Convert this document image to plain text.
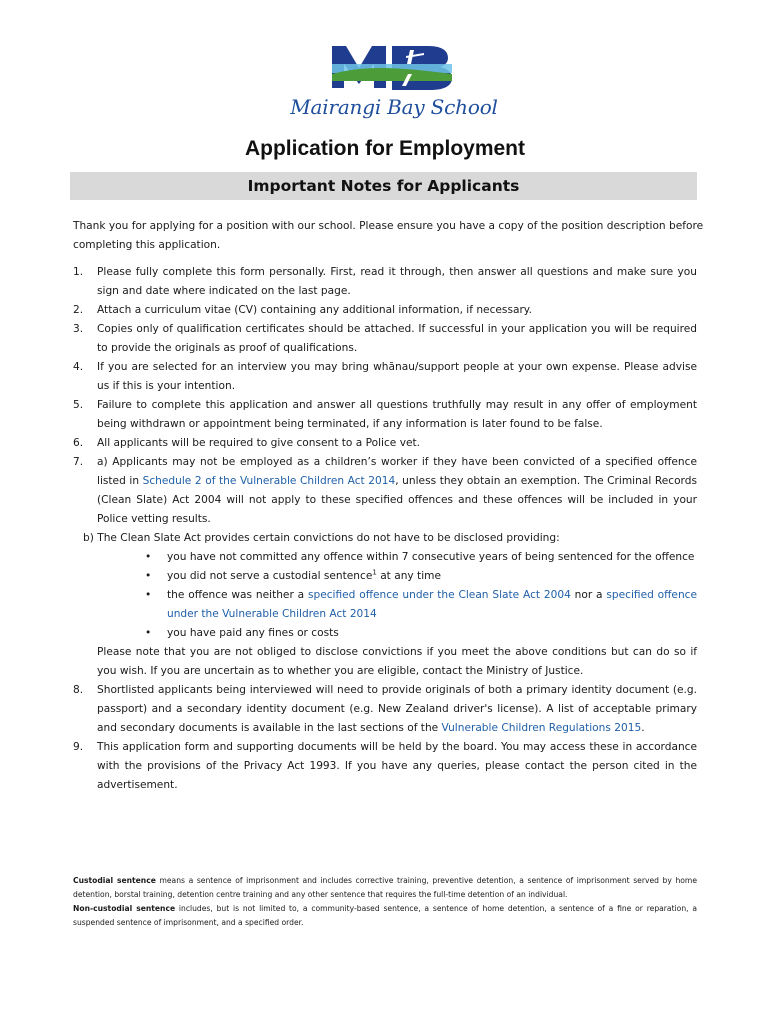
Mairangi Bay School
Application for Employment
Important Notes for Applicants
Thank you for applying for a position with our school. Please ensure you have a copy of the position description before completing this application.
1. Please fully complete this form personally. First, read it through, then answer all questions and make sure you sign and date where indicated on the last page.
2. Attach a curriculum vitae (CV) containing any additional information, if necessary.
3. Copies only of qualification certificates should be attached. If successful in your application you will be required to provide the originals as proof of qualifications.
4. If you are selected for an interview you may bring whānau/support people at your own expense. Please advise us if this is your intention.
5. Failure to complete this application and answer all questions truthfully may result in any offer of employment being withdrawn or appointment being terminated, if any information is later found to be false.
6. All applicants will be required to give consent to a Police vet.
7. a) Applicants may not be employed as a children’s worker if they have been convicted of a specified offence listed in Schedule 2 of the Vulnerable Children Act 2014, unless they obtain an exemption. The Criminal Records (Clean Slate) Act 2004 will not apply to these specified offences and these offences will be included in your Police vetting results.
b) The Clean Slate Act provides certain convictions do not have to be disclosed providing:
• you have not committed any offence within 7 consecutive years of being sentenced for the offence
• you did not serve a custodial sentence$^1$ at any time
• the offence was neither a specified offence under the Clean Slate Act 2004 nor a specified offence under the Vulnerable Children Act 2014
• you have paid any fines or costs
Please note that you are not obliged to disclose convictions if you meet the above conditions but can do so if you wish. If you are uncertain as to whether you are eligible, contact the Ministry of Justice.
8. Shortlisted applicants being interviewed will need to provide originals of both a primary identity document (e.g. passport) and a secondary identity document (e.g. New Zealand driver's license). A list of acceptable primary and secondary documents is available in the last sections of the Vulnerable Children Regulations 2015.
9. This application form and supporting documents will be held by the board. You may access these in accordance with the provisions of the Privacy Act 1993. If you have any queries, please contact the person cited in the advertisement.
Custodial sentence means a sentence of imprisonment and includes corrective training, preventive detention, a sentence of imprisonment served by home detention, borstal training, detention centre training and any other sentence that requires the full-time detention of an individual.
Non-custodial sentence includes, but is not limited to, a community-based sentence, a sentence of home detention, a sentence of a fine or reparation, a suspended sentence of imprisonment, and a specified order.
